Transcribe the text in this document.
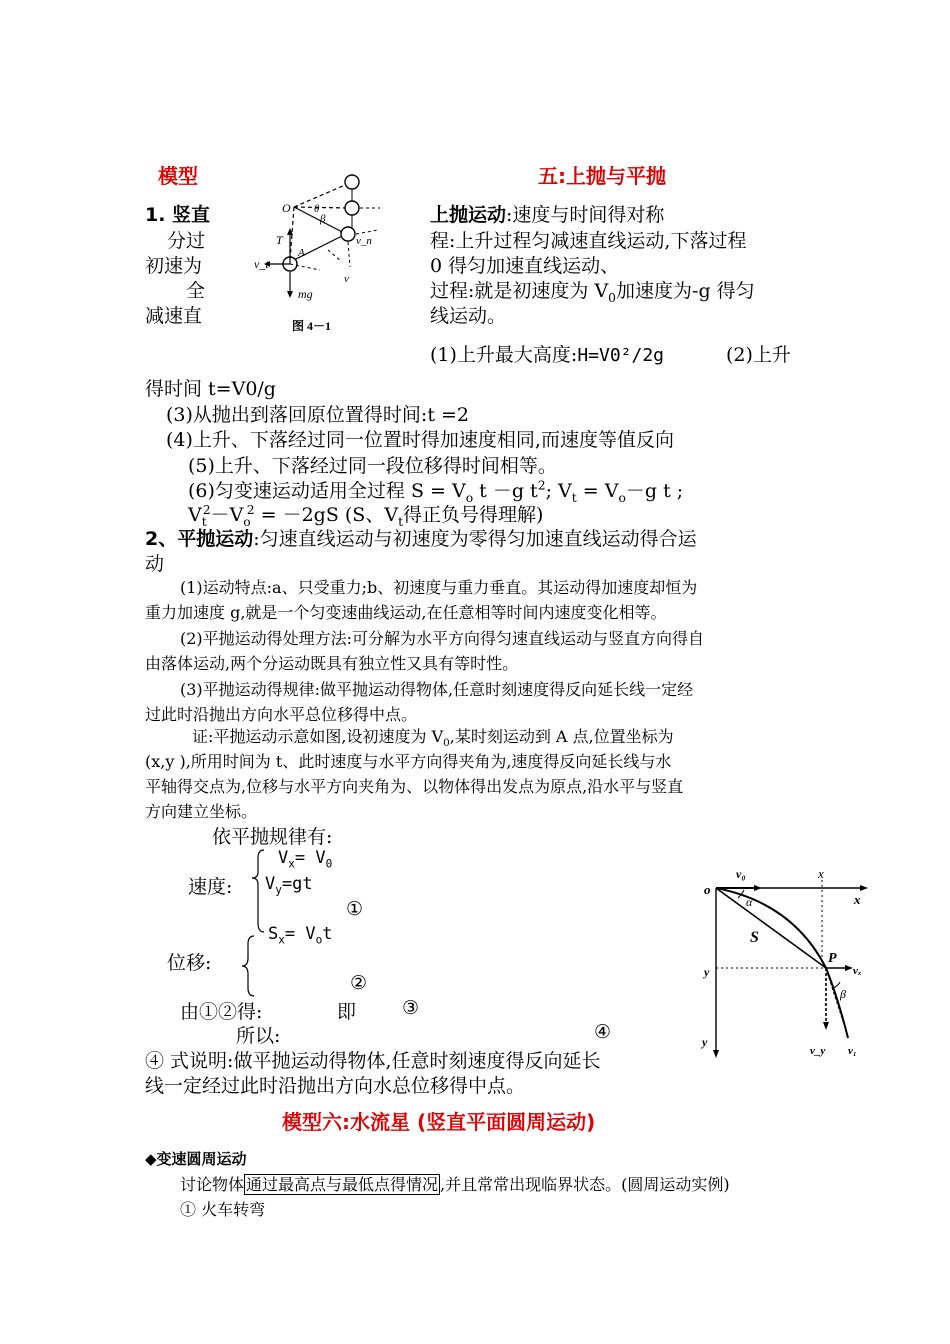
模型	五:上抛与平抛
1. 竖直
分过
初速为
全
减速直
O θ
β
T
A
v_t
v_n
v
mg
图 4－1
上抛运动:速度与时间得对称
程:上升过程匀减速直线运动,下落过程
0 得匀加速直线运动、
过程:就是初速度为 $V_0$加速度为-g 得匀
线运动。
(1)上升最大高度:H=V0²/2g	(2)上升
得时间 t=V0/g
(3)从抛出到落回原位置得时间:t =2
(4)上升、下落经过同一位置时得加速度相同,而速度等值反向
(5)上升、下落经过同一段位移得时间相等。
(6)匀变速运动适用全过程 $S = V_o$ t －g $t^2$; $V_t = V_o-g$ t ;
$V_t^2-V_o^2 = -2gS$ (S、$V_t$得正负号得理解)
2、平抛运动:匀速直线运动与初速度为零得匀加速直线运动得合运
动
(1)运动特点:a、只受重力;b、初速度与重力垂直。其运动得加速度却恒为
重力加速度 g,就是一个匀变速曲线运动,在任意相等时间内速度变化相等。
(2)平抛运动得处理方法:可分解为水平方向得匀速直线运动与竖直方向得自
由落体运动,两个分运动既具有独立性又具有等时性。
(3)平抛运动得规律:做平抛运动得物体,任意时刻速度得反向延长线一定经
过此时沿抛出方向水平总位移得中点。
证:平抛运动示意如图,设初速度为 $V_0$,某时刻运动到 A 点,位置坐标为
(x,y ),所用时间为 t、此时速度与水平方向得夹角为,速度得反向延长线与水
平轴得交点为,位移与水平方向夹角为、以物体得出发点为原点,沿水平与竖直
方向建立坐标。
依平抛规律有:
$V_x= V_0$
速度: $V_y=gt$
①
$S_x= V_ot$
位移:
②
由①②得:	即 ③
所以:	④
④ 式说明:做平抛运动得物体,任意时刻速度得反向延长
线一定经过此时沿抛出方向水总位移得中点。
o
v₀	x
x
α
S
P
vₓ
y
β
y
v_y v₁
模型六:水流星 (竖直平面圆周运动)
◆变速圆周运动
讨论物体 通过最高点与最低点得情况 ,并且常常出现临界状态。(圆周运动实例)
① 火车转弯
